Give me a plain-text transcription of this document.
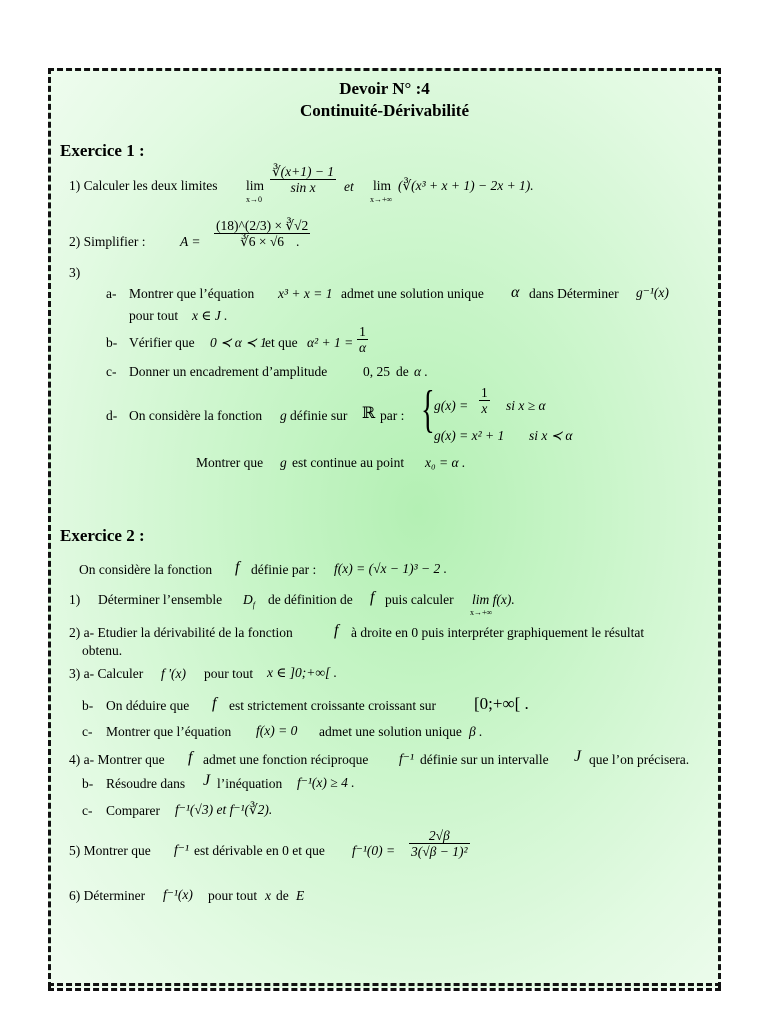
Devoir N° :4
Continuité-Dérivabilité
Exercice 1 :
1) Calculer les deux limites lim
x→0
$\frac{∛(x+1) - 1}{\text{sin x}}$ et lim
x→+∞
(∛(x³ + x + 1) − 2x + 1).
2) Simplifier :	$A = \frac{(18)\^{}(2/3) \times ∛√2}{∛6 \times √6}$
.
3)
a- Montrer que l’équation x³ + x = 1 admet une solution unique α dans Déterminer g⁻¹(x)
pour tout x ∈ J .
b- Vérifier que 0 ≺ α ≺ 1
et que $\alpha^2 + 1 = \frac{1}{\alpha}$
c- Donner un encadrement d’amplitude	0, 25 de α .
d- On considère la fonction g définie sur ℝ par : { $g(x) = \frac{1}{x}$ si x ≥ α
g(x) = x² + 1 si x ≺ α
Montrer que g est continue au point x₀ = α .
Exercice 2 :
On considère la fonction f définie par : f(x) = (√x − 1)³ − 2 .
1) Déterminer l’ensemble $D_f$ de définition de f puis calculer lim f(x).
x→+∞
2) a- Etudier la dérivabilité de la fonction	f à droite en 0 puis interpréter graphiquement le résultat
obtenu.
3) a- Calculer f '(x) pour tout x ∈ ]0;+∞[ .
b- On déduire que f est strictement croissante croissant sur [0;+∞[ .
c- Montrer que l’équation f(x) = 0 admet une solution unique β .
4) a- Montrer que f admet une fonction réciproque f⁻¹ définie sur un intervalle J que l’on précisera.
b- Résoudre dans J l’inéquation f⁻¹(x) ≥ 4 .
c- Comparer f⁻¹(√3) et f⁻¹(∛2).
5) Montrer que f⁻¹ est dérivable en 0 et que $f^{-1}(0) = \frac{2√\beta}{\text{3(√β − 1)²}}$
6) Déterminer f⁻¹(x) pour tout x de E
